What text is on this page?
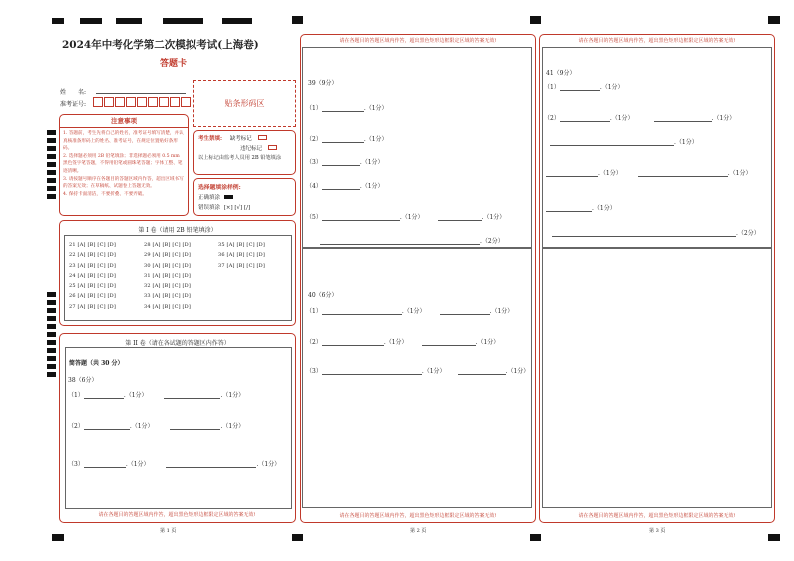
2024年中考化学第二次模拟考试(上海卷)
答题卡
姓　　名:
准考证号:	贴条形码区
注意事项
1. 答题前，考生先将自己的姓名，准考证号填写清楚，并认真核准条形码上的姓名、准考证号，在规定位置贴好条形码。
2. 选择题必须用 2B 铅笔填涂；非选择题必须用 0.5 mm 黑色签字笔答题，不得用铅笔或圆珠笔答题；字体工整、笔迹清晰。
3. 请按题号顺序在各题目的答题区域内作答，超出区域书写的答案无效；在草稿纸、试题卷上答题无效。
4. 保持卡面清洁，不要折叠、不要弄破。
考生禁填: 缺考标记
违纪标记
以上标记由监考人员用 2B 铅笔填涂
选择题填涂样例:
正确填涂
错误填涂 [×] [√] [/]
第 I 卷（请用 2B 铅笔填涂）
21 [A] [B] [C] [D]
22 [A] [B] [C] [D]
23 [A] [B] [C] [D]
24 [A] [B] [C] [D]
25 [A] [B] [C] [D]
26 [A] [B] [C] [D]
27 [A] [B] [C] [D]
28 [A] [B] [C] [D]
29 [A] [B] [C] [D]
30 [A] [B] [C] [D]
31 [A] [B] [C] [D]
32 [A] [B] [C] [D]
33 [A] [B] [C] [D]
34 [A] [B] [C] [D]
35 [A] [B] [C] [D]
36 [A] [B] [C] [D]
37 [A] [B] [C] [D]
第 II 卷（请在各试题的答题区内作答）
简答题（共 30 分）
38（6分）
（1）	.（1分）	.（1分）
（2）	.（1分）	.（1分）
（3）	.（1分）	.（1分）
请在各题目的答题区域内作答，超出黑色矩形边框限定区域的答案无效!
第 1 页
请在各题目的答题区域内作答，超出黑色矩形边框限定区域的答案无效!
请在各题目的答题区域内作答，超出黑色矩形边框限定区域的答案无效!
第 2 页
39（9分）
（1）	.（1分）
（2）	.（1分）
（3）	.（1分）
（4）	.（1分）
（5）	.（1分）	.（1分）
.（2分）
40（6分）
（1）	.（1分）	.（1分）
（2）	.（1分）	.（1分）
（3）	.（1分）	.（1分）
请在各题目的答题区域内作答，超出黑色矩形边框限定区域的答案无效!
请在各题目的答题区域内作答，超出黑色矩形边框限定区域的答案无效!
第 3 页
41（9分）
（1）	.（1分）
（2）	.（1分）	.（1分）
.（1分）
.（1分）	.（1分）
.（1分）
.（2分）
